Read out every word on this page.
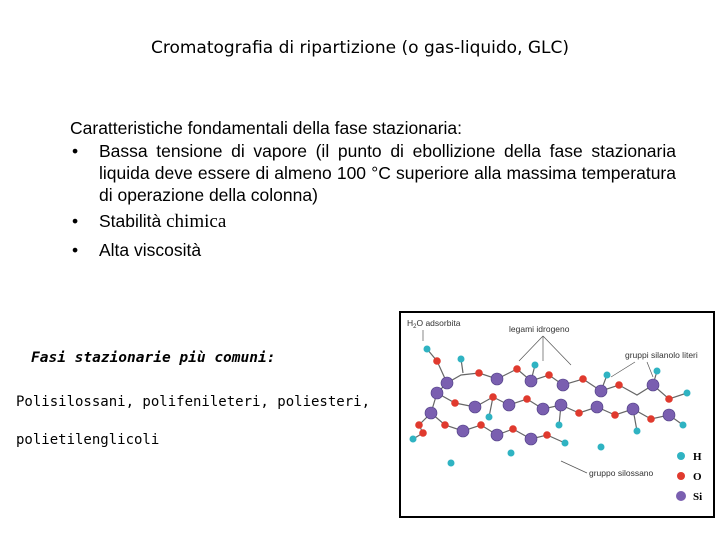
Cromatografia di ripartizione (o gas-liquido, GLC)
Caratteristiche fondamentali della fase stazionaria:
• Bassa tensione di vapore (il punto di ebollizione della fase stazionaria liquida deve essere di almeno 100 °C superiore alla massima temperatura di operazione della colonna)
• Stabilità chimica
• Alta viscosità
Fasi stazionarie più comuni:
Polisilossani, polifenileteri, poliesteri, polietilenglicoli
$H_2O$ adsorbita
legami idrogeno
gruppi silanolo literi
gruppo silossano
H
O
Si
